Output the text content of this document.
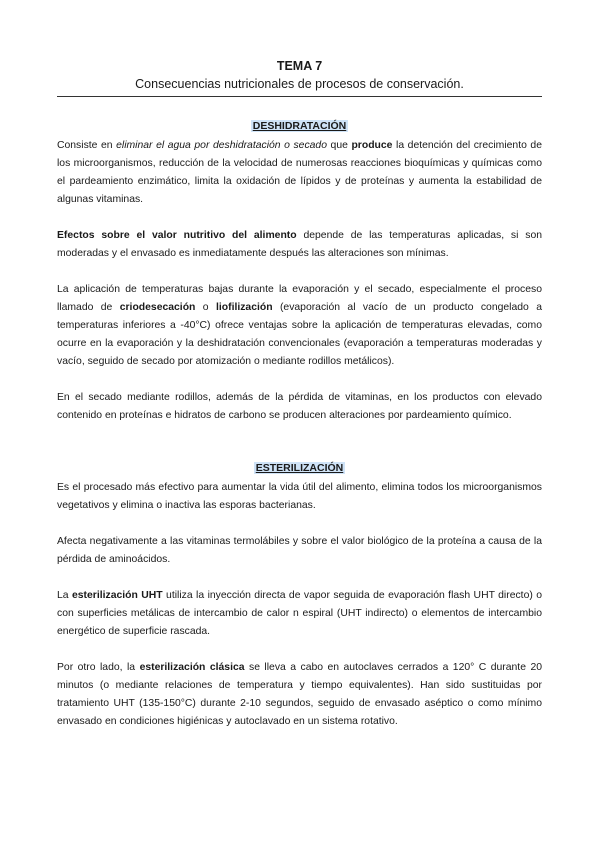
TEMA 7
Consecuencias nutricionales de procesos de conservación.
DESHIDRATACIÓN

Consiste en eliminar el agua por deshidratación o secado que produce la detención del crecimiento de los microorganismos, reducción de la velocidad de numerosas reacciones bioquímicas y químicas como el pardeamiento enzimático, limita la oxidación de lípidos y de proteínas y aumenta la estabilidad de algunas vitaminas.

Efectos sobre el valor nutritivo del alimento depende de las temperaturas aplicadas, si son moderadas y el envasado es inmediatamente después las alteraciones son mínimas.

La aplicación de temperaturas bajas durante la evaporación y el secado, especialmente el proceso llamado de criodesecación o liofilización (evaporación al vacío de un producto congelado a temperaturas inferiores a -40°C) ofrece ventajas sobre la aplicación de temperaturas elevadas, como ocurre en la evaporación y la deshidratación convencionales (evaporación a temperaturas moderadas y vacío, seguido de secado por atomización o mediante rodillos metálicos).

En el secado mediante rodillos, además de la pérdida de vitaminas, en los productos con elevado contenido en proteínas e hidratos de carbono se producen alteraciones por pardeamiento químico.

ESTERILIZACIÓN

Es el procesado más efectivo para aumentar la vida útil del alimento, elimina todos los microorganismos vegetativos y elimina o inactiva las esporas bacterianas.

Afecta negativamente a las vitaminas termolábiles y sobre el valor biológico de la proteína a causa de la pérdida de aminoácidos.

La esterilización UHT utiliza la inyección directa de vapor seguida de evaporación flash UHT directo) o con superficies metálicas de intercambio de calor n espiral (UHT indirecto) o elementos de intercambio energético de superficie rascada.

Por otro lado, la esterilización clásica se lleva a cabo en autoclaves cerrados a 120° C durante 20 minutos (o mediante relaciones de temperatura y tiempo equivalentes). Han sido sustituidas por tratamiento UHT (135-150°C) durante 2-10 segundos, seguido de envasado aséptico o como mínimo envasado en condiciones higiénicas y autoclavado en un sistema rotativo.
